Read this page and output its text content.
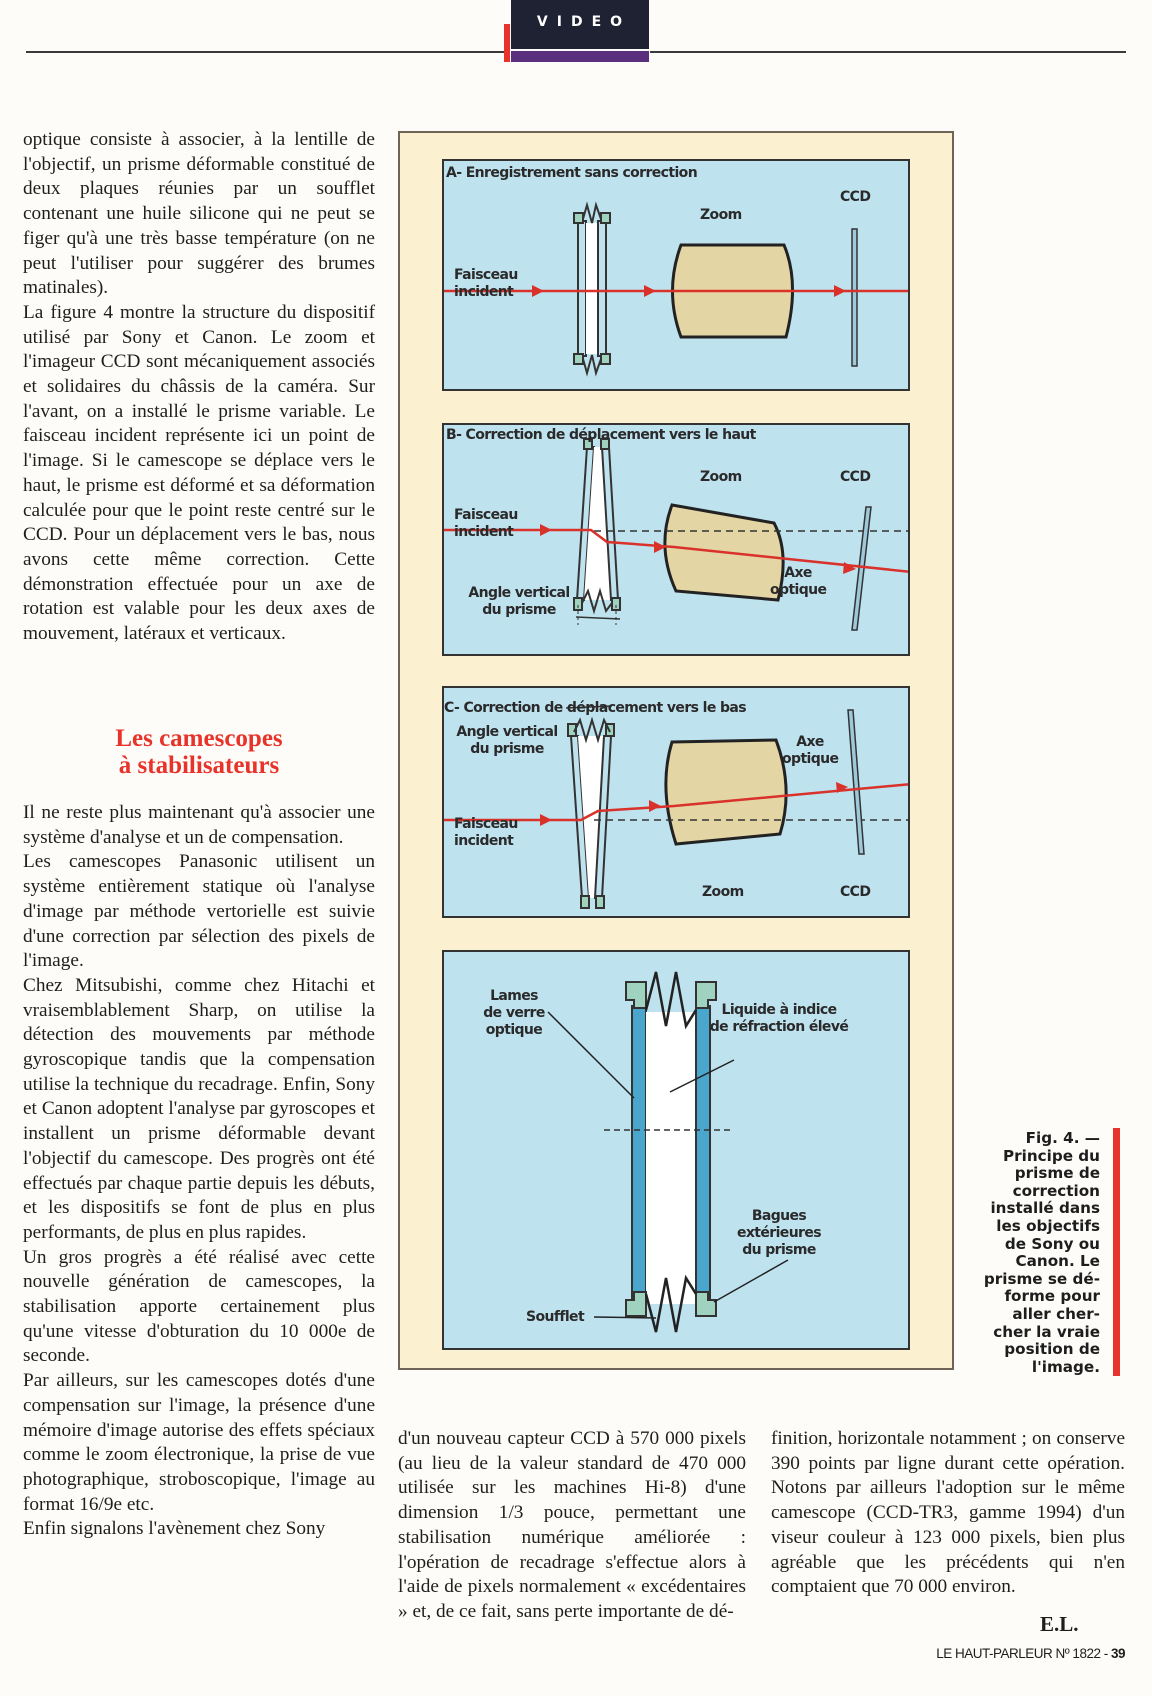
VIDEO

optique consiste à associer, à la lentille de l'objectif, un prisme déformable constitué de deux plaques réunies par un soufflet contenant une huile silicone qui ne peut se figer qu'à une très basse température (on ne peut l'utiliser pour suggérer des brumes matinales).

La figure 4 montre la structure du dispositif utilisé par Sony et Canon. Le zoom et l'imageur CCD sont mécaniquement associés et solidaires du châssis de la caméra. Sur l'avant, on a installé le prisme variable. Le faisceau incident représente ici un point de l'image. Si le camescope se déplace vers le haut, le prisme est déformé et sa déformation calculée pour que le point reste centré sur le CCD. Pour un déplacement vers le bas, nous avons cette même correction. Cette démonstration effectuée pour un axe de rotation est valable pour les deux axes de mouvement, latéraux et verticaux.

Les camescopes
à stabilisateurs

Il ne reste plus maintenant qu'à associer une système d'analyse et un de compensation.

Les camescopes Panasonic utilisent un système entièrement statique où l'analyse d'image par méthode vertorielle est suivie d'une correction par sélection des pixels de l'image.

Chez Mitsubishi, comme chez Hitachi et vraisemblablement Sharp, on utilise la détection des mouvements par méthode gyroscopique tandis que la compensation utilise la technique du recadrage. Enfin, Sony et Canon adoptent l'analyse par gyroscopes et installent un prisme déformable devant l'objectif du camescope. Des progrès ont été effectués par chaque partie depuis les débuts, et les dispositifs se font de plus en plus performants, de plus en plus rapides.

Un gros progrès a été réalisé avec cette nouvelle génération de camescopes, la stabilisation apporte certainement plus qu'une vitesse d'obturation du 10 000e de seconde.

Par ailleurs, sur les camescopes dotés d'une compensation sur l'image, la présence d'une mémoire d'image autorise des effets spéciaux comme le zoom électronique, la prise de vue photographique, stroboscopique, l'image au format 16/9e etc.

Enfin signalons l'avènement chez Sony

d'un nouveau capteur CCD à 570 000 pixels (au lieu de la valeur standard de 470 000 utilisée sur les machines Hi-8) d'une dimension 1/3 pouce, permettant une stabilisation numérique améliorée : l'opération de recadrage s'effectue alors à l'aide de pixels normalement « excédentaires » et, de ce fait, sans perte importante de dé-

finition, horizontale notamment ; on conserve 390 points par ligne durant cette opération. Notons par ailleurs l'adoption sur le même camescope (CCD-TR3, gamme 1994) d'un viseur couleur à 123 000 pixels, bien plus agréable que les précédents qui n'en comptaient que 70 000 environ.

A- Enregistrement sans correction
Zoom
CCD
Faisceau
incident
B- Correction de déplacement vers le haut
Zoom	CCD
Faisceau
incident
Angle vertical
du prisme
Axe
optique
C- Correction de déplacement vers le bas
Zoom	CCD
Faisceau
incident
Angle vertical
du prisme	Axe
optique
Lames
de verre optique
Liquide à indice
de réfraction élevé
Bagues extérieures
du prisme
Soufflet
Fig. 4. —
Principe du
prisme de
correction
installé dans
les objectifs
de Sony ou
Canon. Le
prisme se dé-
forme pour
aller cher-
cher la vraie
position de
l'image.
E.L.
LE HAUT-PARLEUR Nº 1822 - 39
